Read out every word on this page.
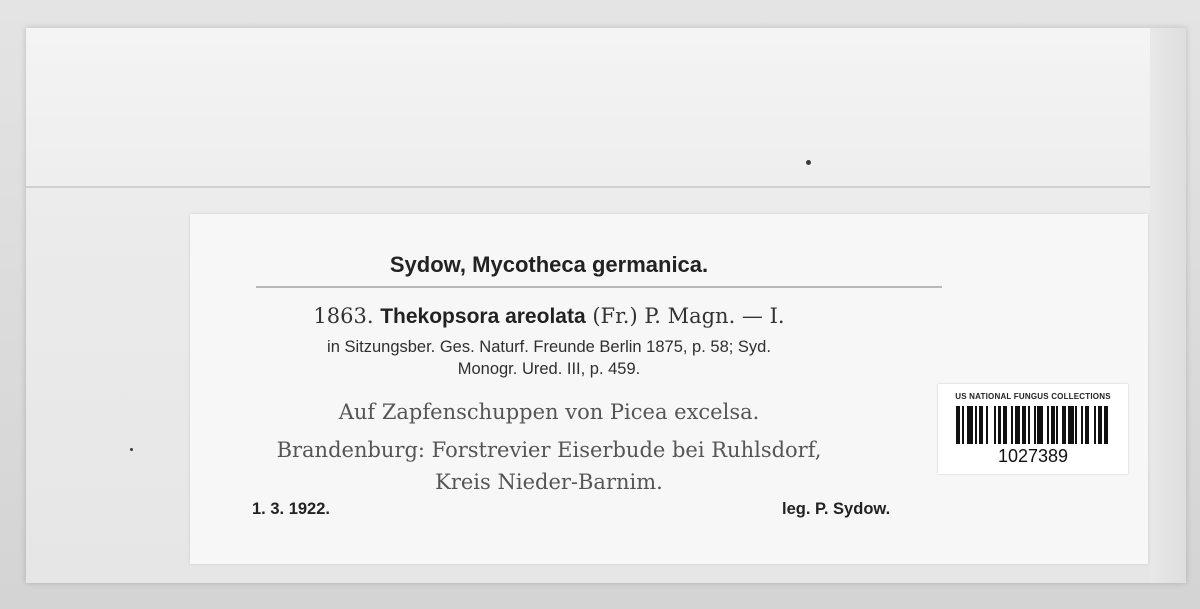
Sydow, Mycotheca germanica.
1863. Thekopsora areolata (Fr.) P. Magn. — I.
in Sitzungsber. Ges. Naturf. Freunde Berlin 1875, p. 58; Syd.
Monogr. Ured. III, p. 459.
Auf Zapfenschuppen von Picea excelsa.
Brandenburg: Forstrevier Eiserbude bei Ruhlsdorf,
Kreis Nieder-Barnim.
1. 3. 1922.	leg. P. Sydow.
US NATIONAL FUNGUS COLLECTIONS
1027389
